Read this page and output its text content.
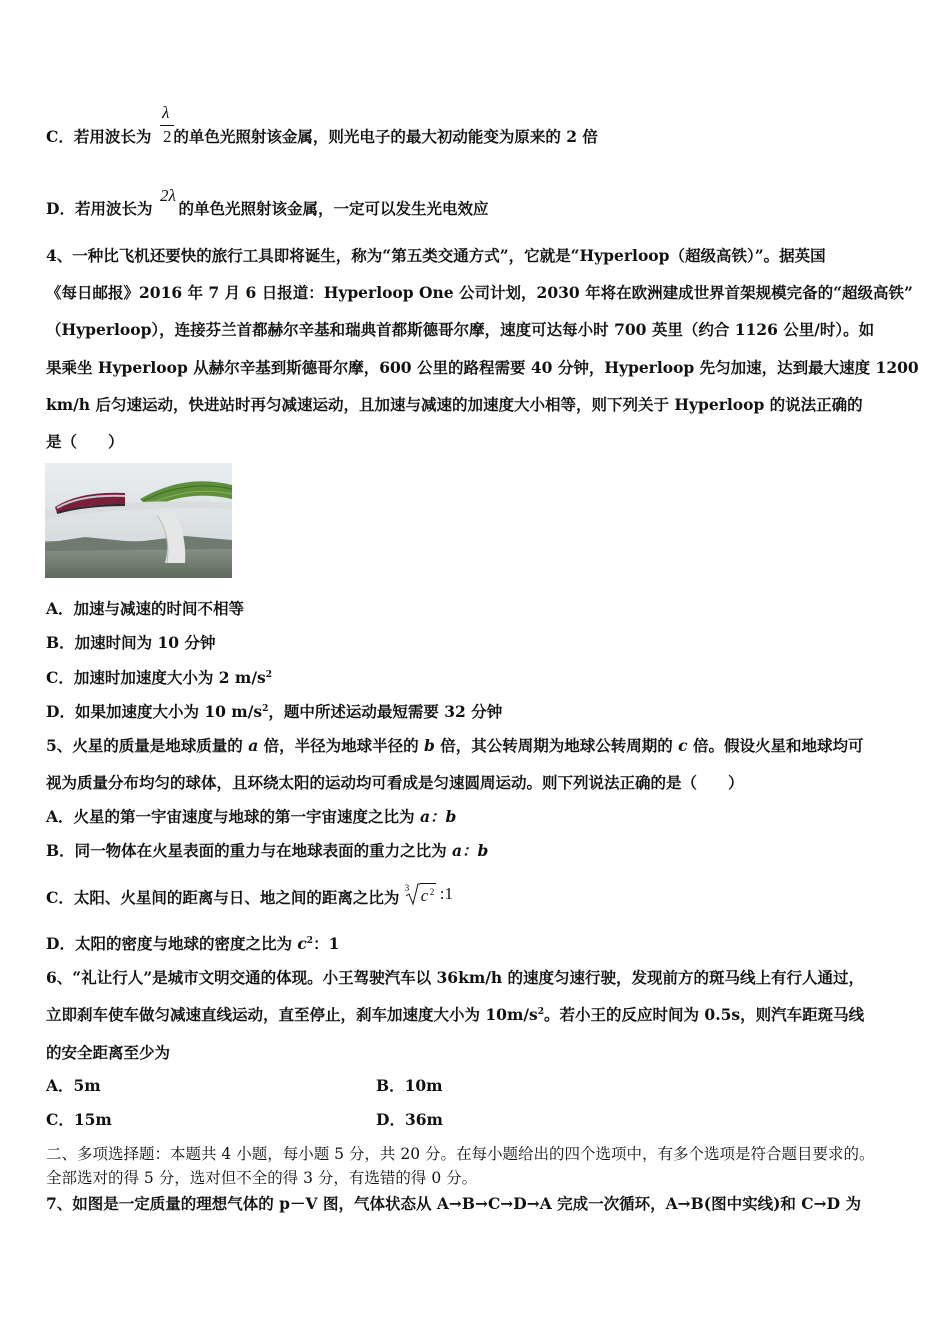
C．若用波长为 的单色光照射该金属，则光电子的最大初动能变为原来的 2 倍
λ
2
D．若用波长为 的单色光照射该金属，一定可以发生光电效应
2λ
4、一种比飞机还要快的旅行工具即将诞生，称为“第五类交通方式”，它就是“Hyperloop（超级高铁）”。据英国
《每日邮报》2016 年 7 月 6 日报道：Hyperloop One 公司计划，2030 年将在欧洲建成世界首架规模完备的“超级高铁”
（Hyperloop），连接芬兰首都赫尔辛基和瑞典首都斯德哥尔摩，速度可达每小时 700 英里（约合 1126 公里/时）。如
果乘坐 Hyperloop 从赫尔辛基到斯德哥尔摩，600 公里的路程需要 40 分钟，Hyperloop 先匀加速，达到最大速度 1200
km/h 后匀速运动，快进站时再匀减速运动，且加速与减速的加速度大小相等，则下列关于 Hyperloop 的说法正确的
是（　　）
A．加速与减速的时间不相等
B．加速时间为 10 分钟
C．加速时加速度大小为 2 $m/s^2$
D．如果加速度大小为 10 $m/s^2$，题中所述运动最短需要 32 分钟
5、火星的质量是地球质量的 a 倍，半径为地球半径的 b 倍，其公转周期为地球公转周期的 c 倍。假设火星和地球均可
视为质量分布均匀的球体，且环绕太阳的运动均可看成是匀速圆周运动。则下列说法正确的是（　　）
A．火星的第一宇宙速度与地球的第一宇宙速度之比为 a：b
B．同一物体在火星表面的重力与在地球表面的重力之比为 a：b
C．太阳、火星间的距离与日、地之间的距离之比为 3 c 2 :1
D．太阳的密度与地球的密度之比为 $c^2$：1
6、“礼让行人”是城市文明交通的体现。小王驾驶汽车以 36km/h 的速度匀速行驶，发现前方的斑马线上有行人通过，
立即刹车使车做匀减速直线运动，直至停止，刹车加速度大小为 $10m/s^2$。若小王的反应时间为 0.5s，则汽车距斑马线
的安全距离至少为
A．5m	B．10m
C．15m	D．36m
二、多项选择题：本题共 4 小题，每小题 5 分，共 20 分。在每小题给出的四个选项中，有多个选项是符合题目要求的。
全部选对的得 5 分，选对但不全的得 3 分，有选错的得 0 分。
7、如图是一定质量的理想气体的 p－V 图，气体状态从 A→B→C→D→A 完成一次循环，A→B(图中实线)和 C→D 为
